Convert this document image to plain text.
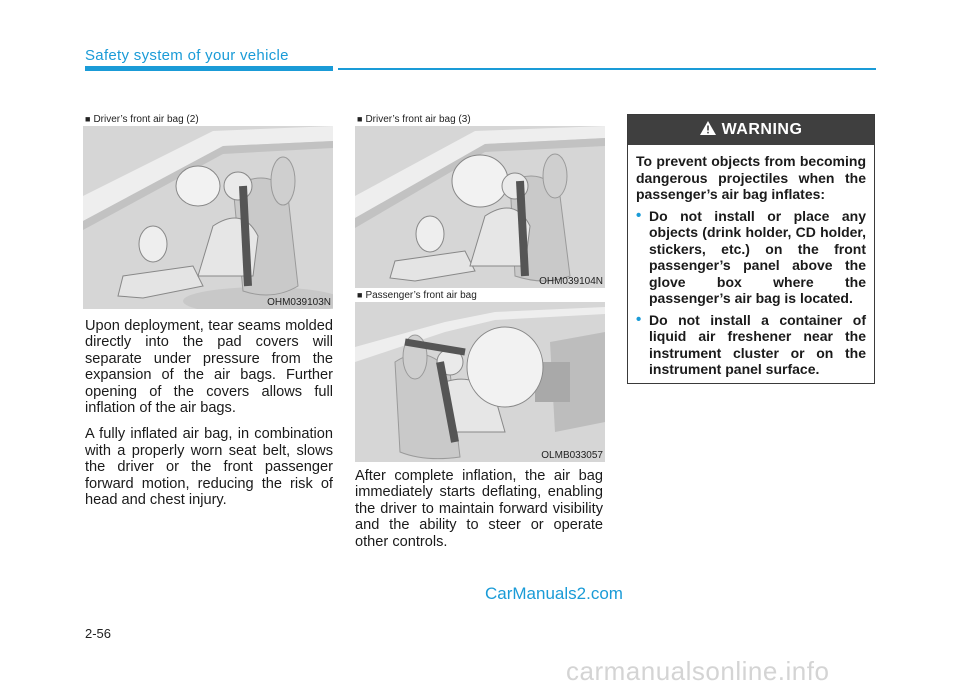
Safety system of your vehicle
■ Driver’s front air bag (2)
OHM039103N

Upon deployment, tear seams molded directly into the pad covers will separate under pressure from the expansion of the air bags. Further opening of the covers allows full inflation of the air bags.

A fully inflated air bag, in combination with a properly worn seat belt, slows the driver or the front passenger forward motion, reducing the risk of head and chest injury.

■ Driver’s front air bag (3)
OHM039104N
■ Passenger’s front air bag
OLMB033057

After complete inflation, the air bag immediately starts deflating, enabling the driver to maintain forward visibility and the ability to steer or operate other controls.

WARNING

To prevent objects from becoming dangerous projectiles when the passenger’s air bag inflates:

• Do not install or place any objects (drink holder, CD holder, stickers, etc.) on the front passenger’s panel above the glove box where the passenger’s air bag is located.
• Do not install a container of liquid air freshener near the instrument cluster or on the instrument panel surface.
CarManuals2.com
2-56
carmanualsonline.info
